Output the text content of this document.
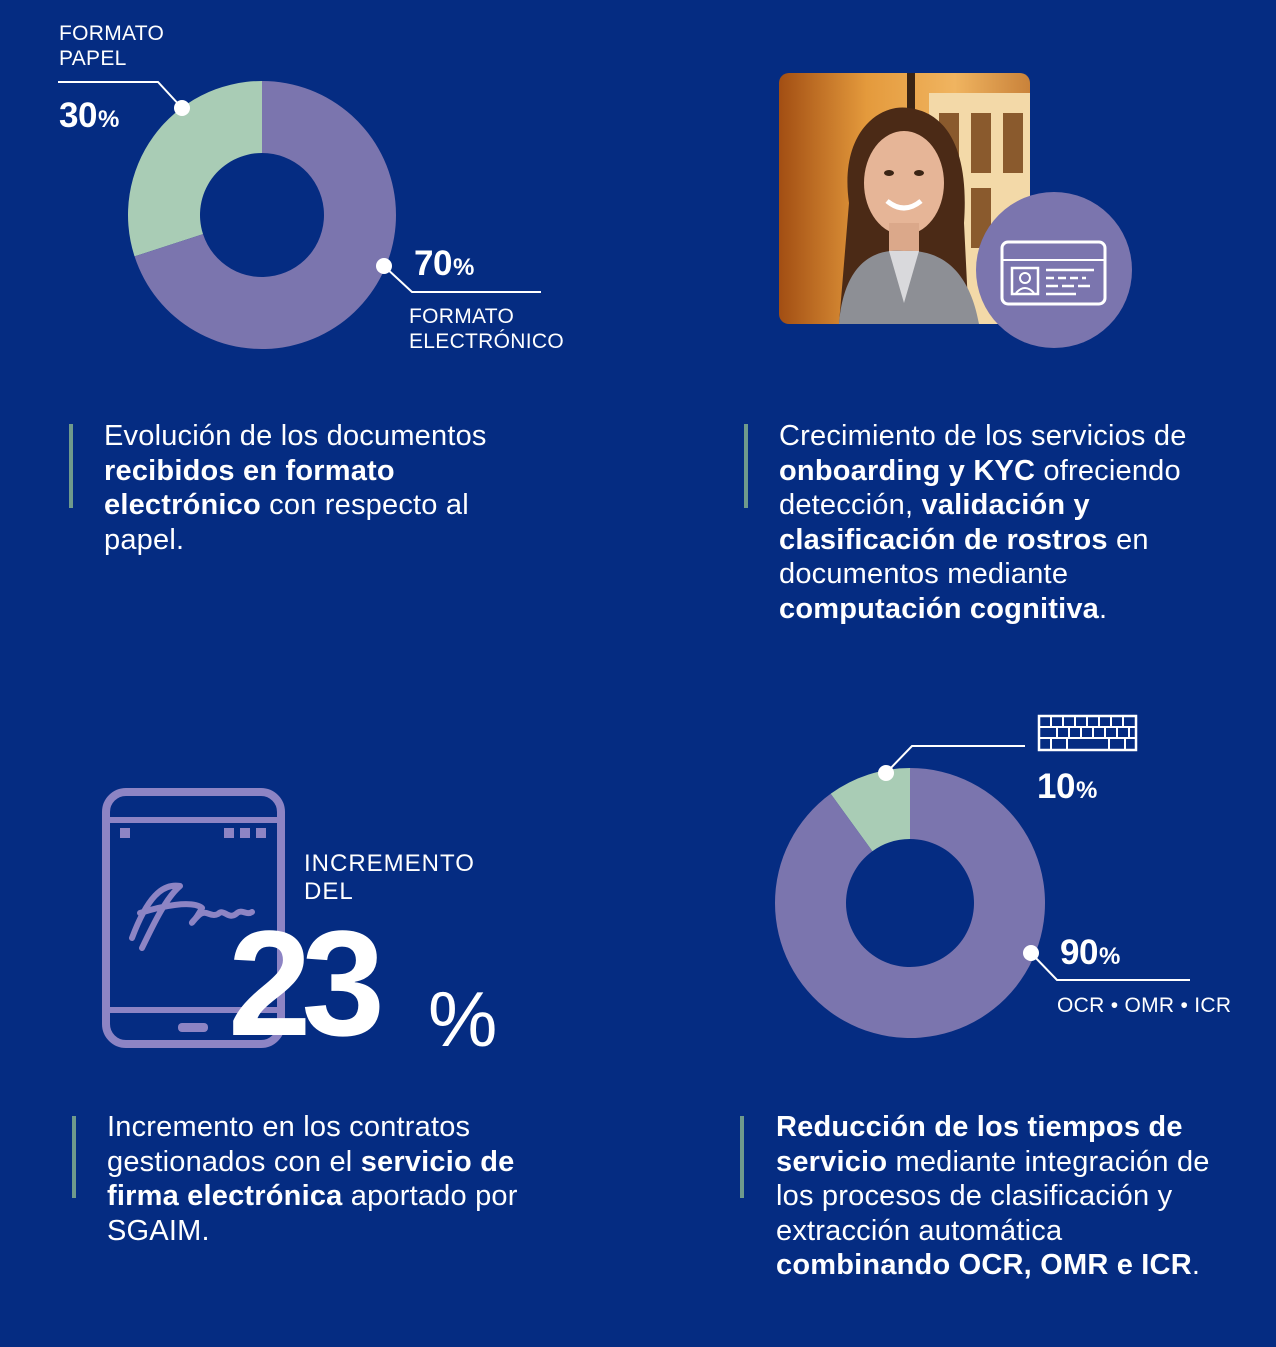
FORMATO
PAPEL
30%
70%
FORMATO
ELECTRÓNICO
Evolución de los documentos recibidos en formato electrónico con respecto al papel.
Crecimiento de los servicios de onboarding y KYC ofreciendo detección, validación y clasificación de rostros en documentos mediante computación cognitiva.
INCREMENTO
DEL
23 %
10%
90%
OCR • OMR • ICR
Incremento en los contratos gestionados con el servicio de firma electrónica aportado por SGAIM.
Reducción de los tiempos de servicio mediante integración de los procesos de clasificación y extracción automática combinando OCR, OMR e ICR.
